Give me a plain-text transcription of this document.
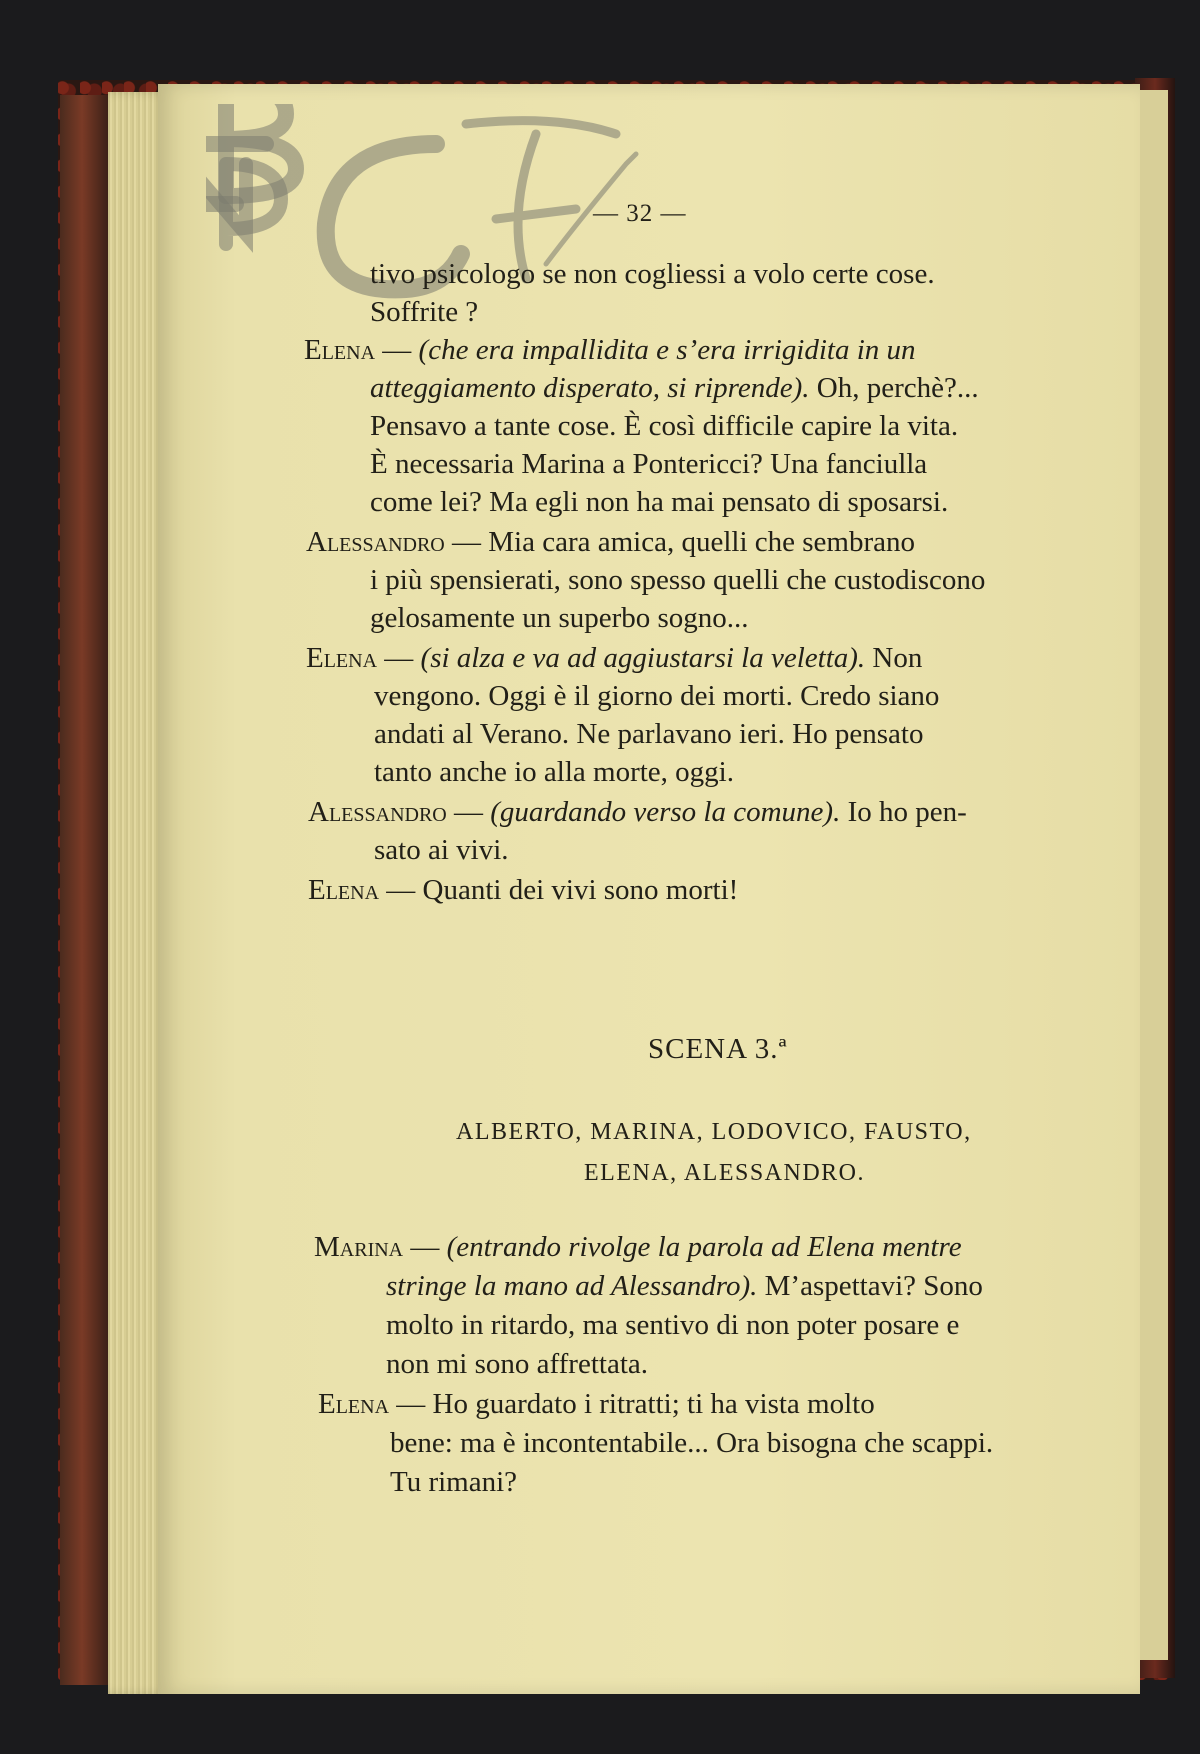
— 32 —
tivo psicologo se non cogliessi a volo certe cose.
Soffrite ?
Elena — (che era impallidita e s’era irrigidita in un
atteggiamento disperato, si riprende). Oh, perchè?...
Pensavo a tante cose. È così difficile capire la vita.
È necessaria Marina a Pontericci? Una fanciulla
come lei? Ma egli non ha mai pensato di sposarsi.
Alessandro — Mia cara amica, quelli che sembrano
i più spensierati, sono spesso quelli che custodiscono
gelosamente un superbo sogno...
Elena — (si alza e va ad aggiustarsi la veletta). Non
vengono. Oggi è il giorno dei morti. Credo siano
andati al Verano. Ne parlavano ieri. Ho pensato
tanto anche io alla morte, oggi.
Alessandro — (guardando verso la comune). Io ho pen-
sato ai vivi.
Elena — Quanti dei vivi sono morti!
SCENA 3.ª
ALBERTO, MARINA, LODOVICO, FAUSTO,
ELENA, ALESSANDRO.
Marina — (entrando rivolge la parola ad Elena mentre
stringe la mano ad Alessandro). M’aspettavi? Sono
molto in ritardo, ma sentivo di non poter posare e
non mi sono affrettata.
Elena — Ho guardato i ritratti; ti ha vista molto
bene: ma è incontentabile... Ora bisogna che scappi.
Tu rimani?
